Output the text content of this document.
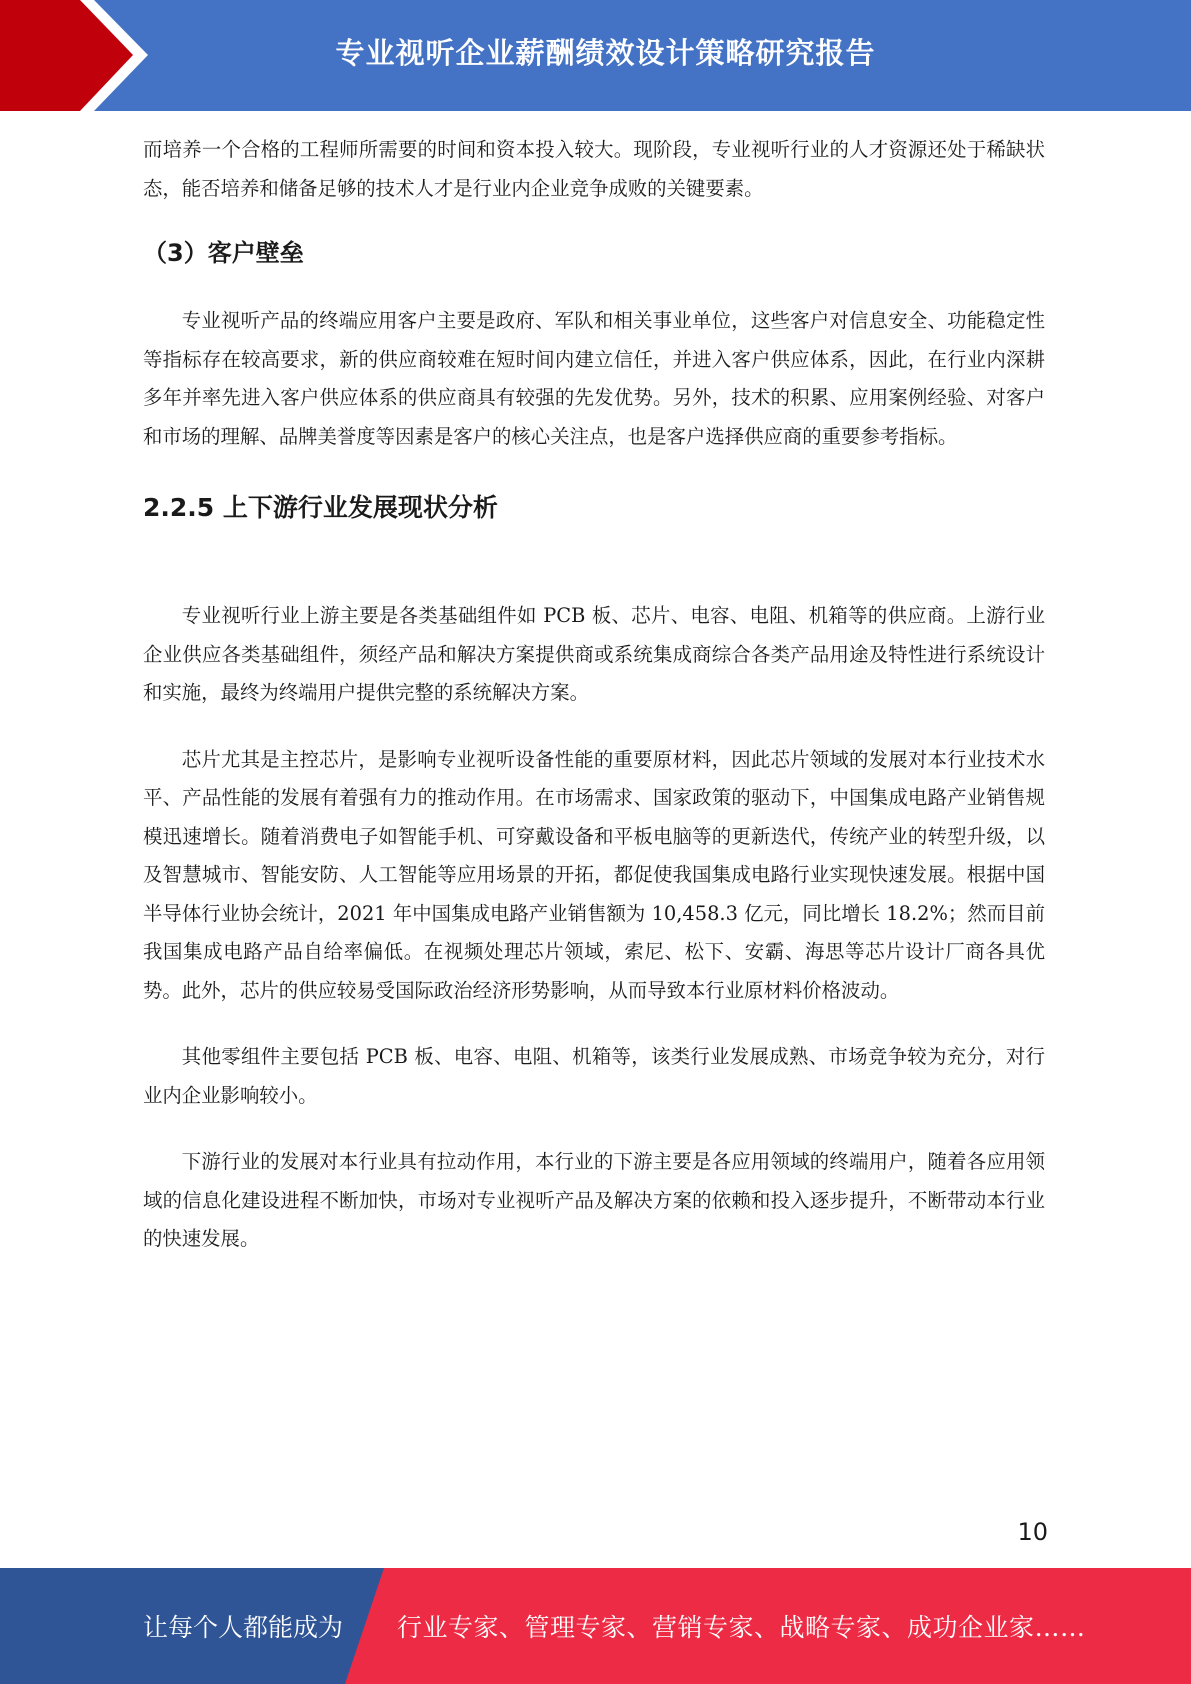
专业视听企业薪酬绩效设计策略研究报告

而培养一个合格的工程师所需要的时间和资本投入较大。现阶段，专业视听行业的人才资源还处于稀缺状态，能否培养和储备足够的技术人才是行业内企业竞争成败的关键要素。

（3）客户壁垒

专业视听产品的终端应用客户主要是政府、军队和相关事业单位，这些客户对信息安全、功能稳定性等指标存在较高要求，新的供应商较难在短时间内建立信任，并进入客户供应体系，因此，在行业内深耕多年并率先进入客户供应体系的供应商具有较强的先发优势。另外，技术的积累、应用案例经验、对客户和市场的理解、品牌美誉度等因素是客户的核心关注点，也是客户选择供应商的重要参考指标。

2.2.5 上下游行业发展现状分析

专业视听行业上游主要是各类基础组件如 PCB 板、芯片、电容、电阻、机箱等的供应商。上游行业企业供应各类基础组件，须经产品和解决方案提供商或系统集成商综合各类产品用途及特性进行系统设计和实施，最终为终端用户提供完整的系统解决方案。

芯片尤其是主控芯片，是影响专业视听设备性能的重要原材料，因此芯片领域的发展对本行业技术水平、产品性能的发展有着强有力的推动作用。在市场需求、国家政策的驱动下，中国集成电路产业销售规模迅速增长。随着消费电子如智能手机、可穿戴设备和平板电脑等的更新迭代，传统产业的转型升级，以及智慧城市、智能安防、人工智能等应用场景的开拓，都促使我国集成电路行业实现快速发展。根据中国半导体行业协会统计，2021 年中国集成电路产业销售额为 10,458.3 亿元，同比增长 18.2%；然而目前我国集成电路产品自给率偏低。在视频处理芯片领域，索尼、松下、安霸、海思等芯片设计厂商各具优势。此外，芯片的供应较易受国际政治经济形势影响，从而导致本行业原材料价格波动。

其他零组件主要包括 PCB 板、电容、电阻、机箱等，该类行业发展成熟、市场竞争较为充分，对行业内企业影响较小。

下游行业的发展对本行业具有拉动作用，本行业的下游主要是各应用领域的终端用户，随着各应用领域的信息化建设进程不断加快，市场对专业视听产品及解决方案的依赖和投入逐步提升，不断带动本行业的快速发展。

10
让每个人都能成为 行业专家、管理专家、营销专家、战略专家、成功企业家……
